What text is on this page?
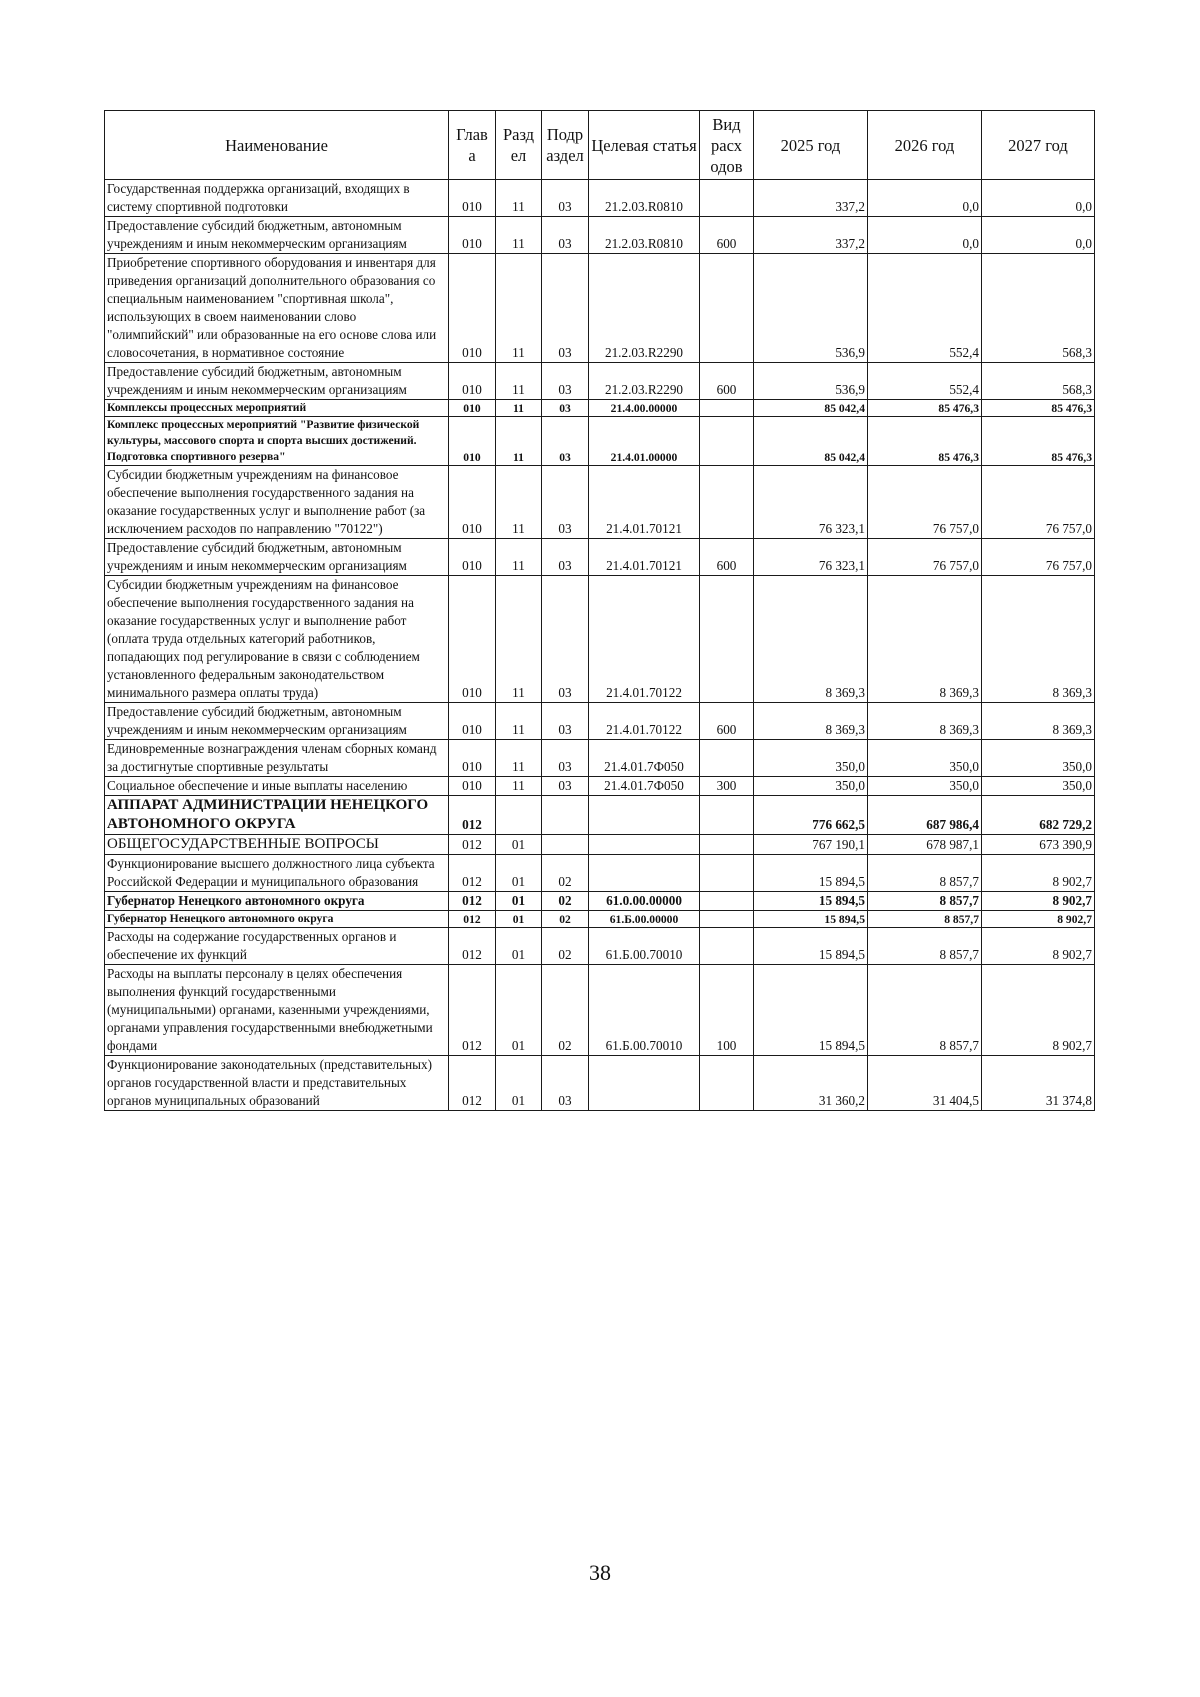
Наименование	Глав а	Разд ел	Подр аздел	Целевая статья	Вид расх одов	2025 год	2026 год	2027 год
Государственная поддержка организаций, входящих в систему спортивной подготовки	010	11	03	21.2.03.R0810		337,2	0,0	0,0
Предоставление субсидий бюджетным, автономным учреждениям и иным некоммерческим организациям	010	11	03	21.2.03.R0810	600	337,2	0,0	0,0
Приобретение спортивного оборудования и инвентаря для приведения организаций дополнительного образования со специальным наименованием "спортивная школа", использующих в своем наименовании слово "олимпийский" или образованные на его основе слова или словосочетания, в нормативное состояние	010	11	03	21.2.03.R2290		536,9	552,4	568,3
Предоставление субсидий бюджетным, автономным учреждениям и иным некоммерческим организациям	010	11	03	21.2.03.R2290	600	536,9	552,4	568,3
Комплексы процессных мероприятий	010	11	03	21.4.00.00000		85 042,4	85 476,3	85 476,3
Комплекс процессных мероприятий "Развитие физической культуры, массового спорта и спорта высших достижений. Подготовка спортивного резерва"	010	11	03	21.4.01.00000		85 042,4	85 476,3	85 476,3
Субсидии бюджетным учреждениям на финансовое обеспечение выполнения государственного задания на оказание государственных услуг и выполнение работ (за исключением расходов по направлению "70122")	010	11	03	21.4.01.70121		76 323,1	76 757,0	76 757,0
Предоставление субсидий бюджетным, автономным учреждениям и иным некоммерческим организациям	010	11	03	21.4.01.70121	600	76 323,1	76 757,0	76 757,0
Субсидии бюджетным учреждениям на финансовое обеспечение выполнения государственного задания на оказание государственных услуг и выполнение работ (оплата труда отдельных категорий работников, попадающих под регулирование в связи с соблюдением установленного федеральным законодательством минимального размера оплаты труда)	010	11	03	21.4.01.70122		8 369,3	8 369,3	8 369,3
Предоставление субсидий бюджетным, автономным учреждениям и иным некоммерческим организациям	010	11	03	21.4.01.70122	600	8 369,3	8 369,3	8 369,3
Единовременные вознаграждения членам сборных команд за достигнутые спортивные результаты	010	11	03	21.4.01.7Ф050		350,0	350,0	350,0
Социальное обеспечение и иные выплаты населению	010	11	03	21.4.01.7Ф050	300	350,0	350,0	350,0
АППАРАТ АДМИНИСТРАЦИИ НЕНЕЦКОГО АВТОНОМНОГО ОКРУГА	012					776 662,5	687 986,4	682 729,2
ОБЩЕГОСУДАРСТВЕННЫЕ ВОПРОСЫ	012	01				767 190,1	678 987,1	673 390,9
Функционирование высшего должностного лица субъекта Российской Федерации и муниципального образования	012	01	02			15 894,5	8 857,7	8 902,7
Губернатор Ненецкого автономного округа	012	01	02	61.0.00.00000		15 894,5	8 857,7	8 902,7
Губернатор Ненецкого автономного округа	012	01	02	61.Б.00.00000		15 894,5	8 857,7	8 902,7
Расходы на содержание государственных органов и обеспечение их функций	012	01	02	61.Б.00.70010		15 894,5	8 857,7	8 902,7
Расходы на выплаты персоналу в целях обеспечения выполнения функций государственными (муниципальными) органами, казенными учреждениями, органами управления государственными внебюджетными фондами	012	01	02	61.Б.00.70010	100	15 894,5	8 857,7	8 902,7
Функционирование законодательных (представительных) органов государственной власти и представительных органов муниципальных образований	012	01	03			31 360,2	31 404,5	31 374,8
38
